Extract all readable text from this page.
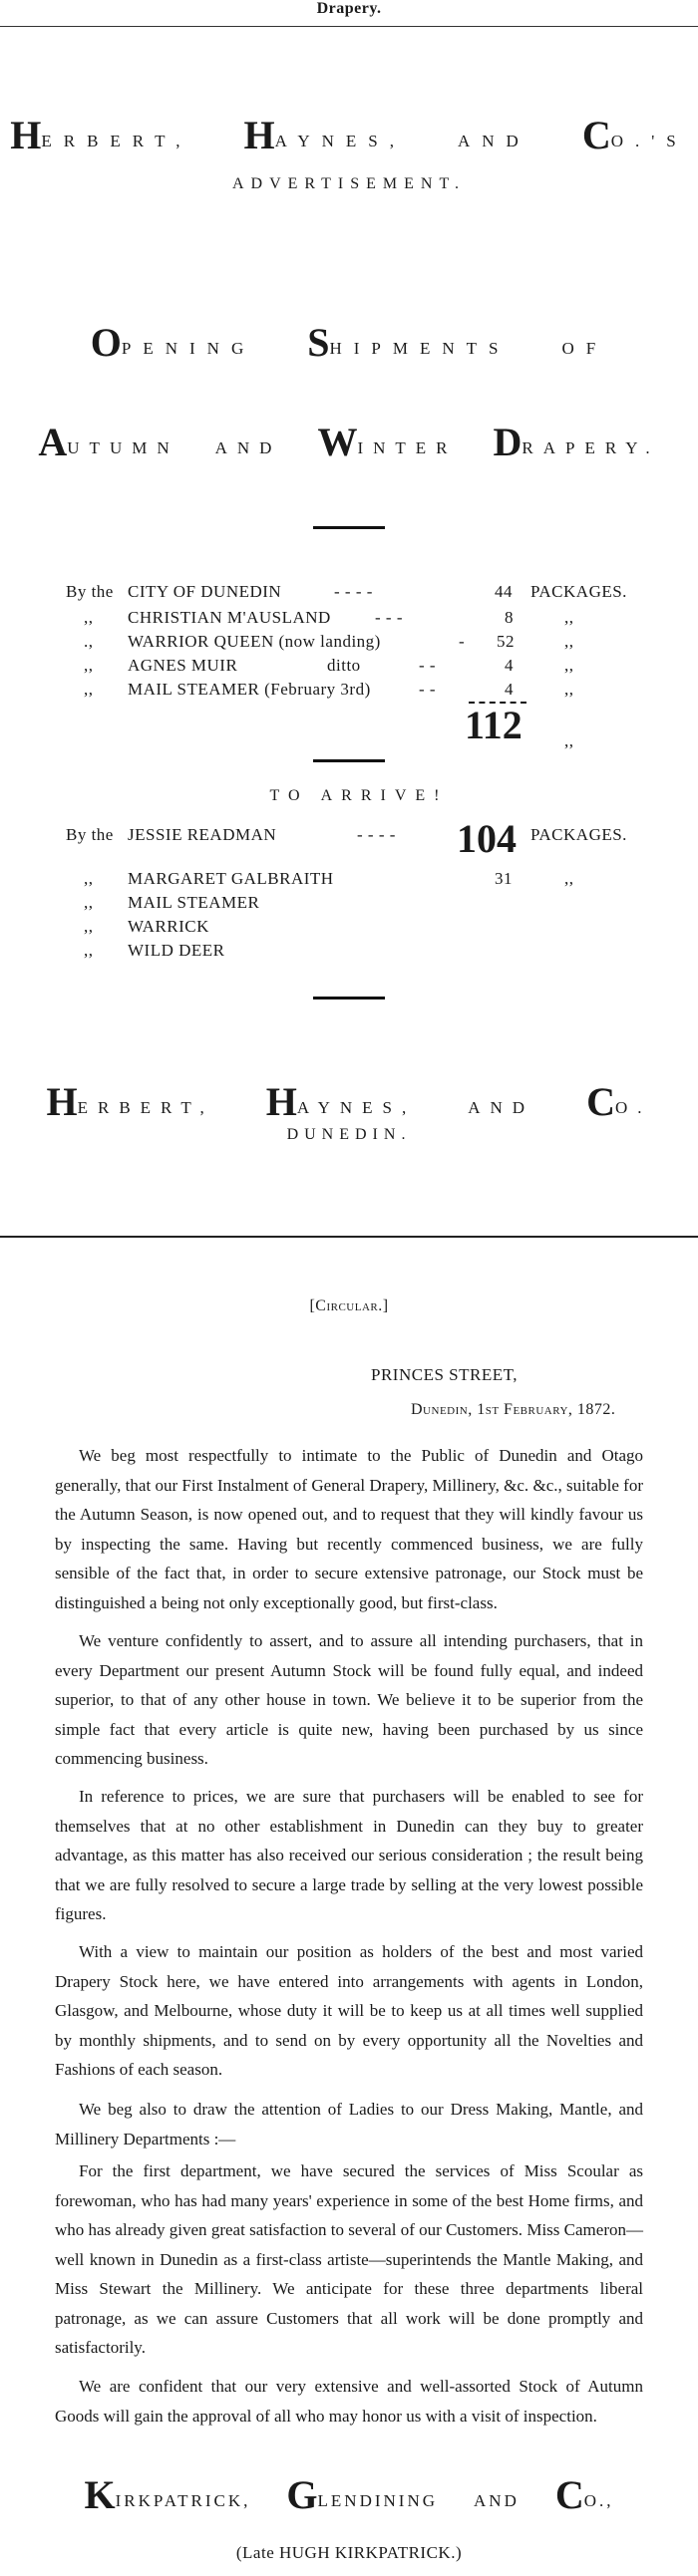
Drapery.
HERBERT, HAYNES,	AND CO.'S
ADVERTISEMENT.
OPENING SHIPMENTS	OF
AUTUMN AND WINTER DRAPERY.
By the CITY OF DUNEDIN	- - - -	44 PACKAGES.
,, CHRISTIAN M'AUSLAND	- - -	8	,,
., WARRIOR QUEEN (now landing)	- 52	,,
,, AGNES MUIR	ditto	- -	4	,,
,, MAIL STEAMER (February 3rd)	- -	4	,,
112 ,,
TO ARRIVE!
By the JESSIE READMAN	- - - - 104 PACKAGES.
,, MARGARET GALBRAITH	31	,,
,, MAIL STEAMER
,, WARRICK
,, WILD DEER
HERBERT, HAYNES,	AND CO.
DUNEDIN.
[Circular.]
PRINCES STREET,
Dunedin, 1st February, 1872.

We beg most respectfully to intimate to the Public of Dunedin and Otago generally, that our First Instalment of General Drapery, Millinery, &c. &c., suitable for the Autumn Season, is now opened out, and to request that they will kindly favour us by inspecting the same. Having but recently commenced business, we are fully sensible of the fact that, in order to secure extensive patronage, our Stock must be distinguished a being not only exceptionally good, but first-class.

We venture confidently to assert, and to assure all intending purchasers, that in every Department our present Autumn Stock will be found fully equal, and indeed superior, to that of any other house in town. We believe it to be superior from the simple fact that every article is quite new, having been purchased by us since commencing business.

In reference to prices, we are sure that purchasers will be enabled to see for themselves that at no other establishment in Dunedin can they buy to greater advantage, as this matter has also received our serious consideration ; the result being that we are fully resolved to secure a large trade by selling at the very lowest possible figures.

With a view to maintain our position as holders of the best and most varied Drapery Stock here, we have entered into arrangements with agents in London, Glasgow, and Melbourne, whose duty it will be to keep us at all times well supplied by monthly shipments, and to send on by every opportunity all the Novelties and Fashions of each season.

We beg also to draw the attention of Ladies to our Dress Making, Mantle, and Millinery Departments :—

For the first department, we have secured the services of Miss Scoular as forewoman, who has had many years' experience in some of the best Home firms, and who has already given great satisfaction to several of our Customers. Miss Cameron—well known in Dunedin as a first-class artiste—superintends the Mantle Making, and Miss Stewart the Millinery. We anticipate for these three departments liberal patronage, as we can assure Customers that all work will be done promptly and satisfactorily.

We are confident that our very extensive and well-assorted Stock of Autumn Goods will gain the approval of all who may honor us with a visit of inspection.

KIRKPATRICK, GLENDINING AND CO.,
(Late HUGH KIRKPATRICK.)
